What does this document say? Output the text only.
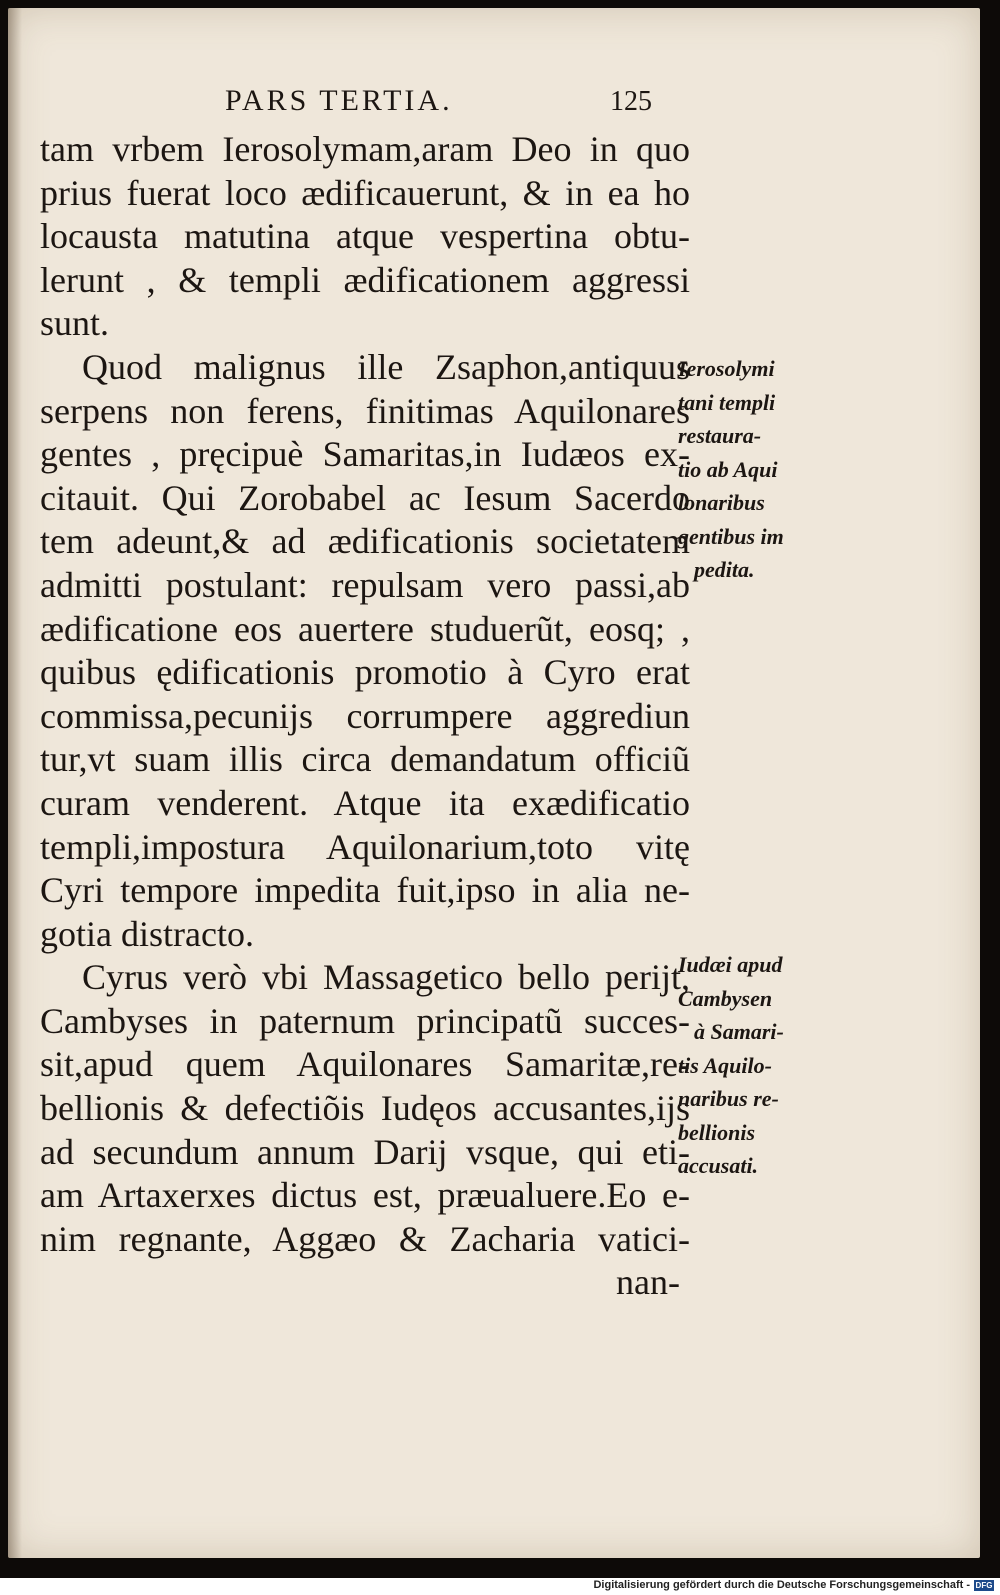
PARS TERTIA.	125
tam vrbem Ierosolymam,aram Deo in quo
prius fuerat loco ædificauerunt, & in ea ho
locausta matutina atque vespertina obtu-
lerunt , & templi ædificationem aggressi
sunt.
Quod malignus ille Zsaphon,antiquus
serpens non ferens, finitimas Aquilonares
gentes , pręcipuè Samaritas,in Iudæos ex-
citauit. Qui Zorobabel ac Iesum Sacerdo
tem adeunt,& ad ædificationis societatem
admitti postulant: repulsam vero passi,ab
ædificatione eos auertere studuerũt, eosq; ,
quibus ędificationis promotio à Cyro erat
commissa,pecunijs corrumpere aggrediun
tur,vt suam illis circa demandatum officiũ
curam venderent. Atque ita exædificatio
templi,impostura Aquilonarium,toto vitę
Cyri tempore impedita fuit,ipso in alia ne-
gotia distracto.
Cyrus verò vbi Massagetico bello perijt,
Cambyses in paternum principatũ succes-
sit,apud quem Aquilonares Samaritæ,re-
bellionis & defectiõis Iudęos accusantes,ijs
ad secundum annum Darij vsque, qui eti-
am Artaxerxes dictus est, præualuere.Eo e-
nim regnante, Aggæo & Zacharia vatici-
nan-
Ierosolymi
tani templi
restaura-
tio ab Aqui
lonaribus
gentibus im
pedita.
Iudæi apud
Cambysen
à Samari-
tis Aquilo-
naribus re-
bellionis
accusati.
Digitalisierung gefördert durch die Deutsche Forschungsgemeinschaft - DFG
